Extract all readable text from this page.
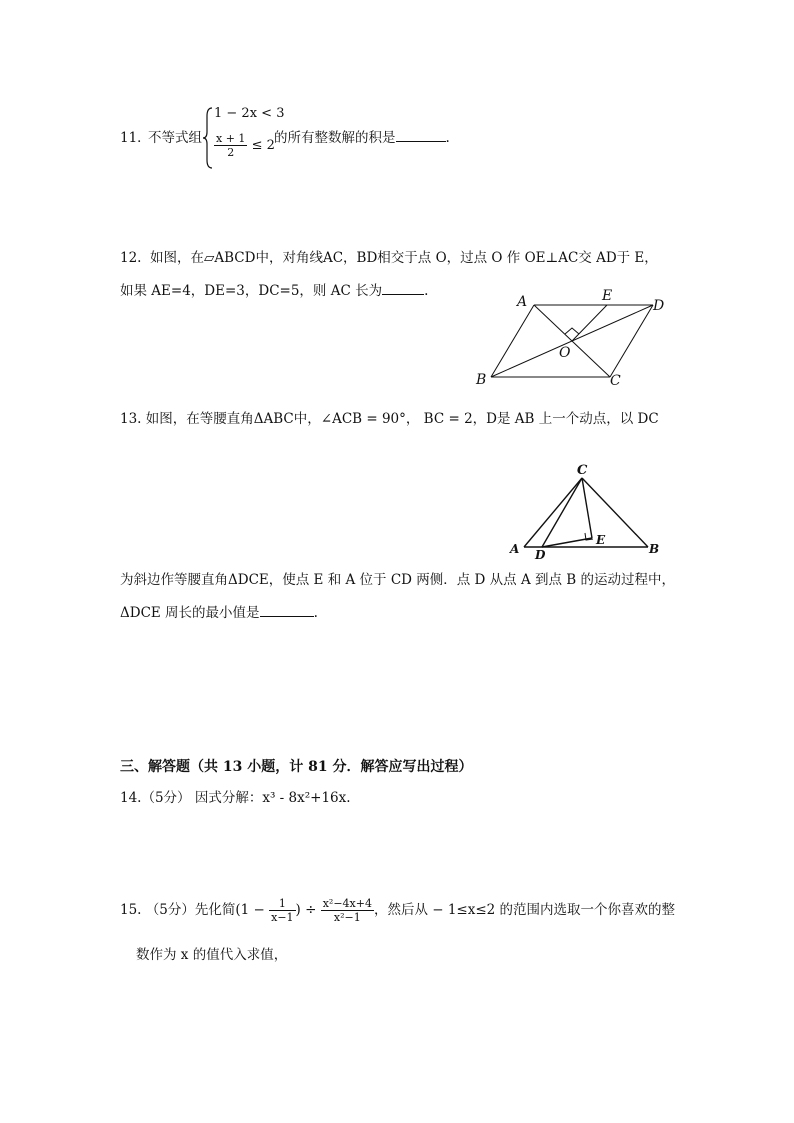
11．
不等式组
1 − 2x < 3
$\frac{x + 1}{2} \le 2$ 的所有整数解的积是	.
12. 如图，在▱ABCD中，对角线AC，BD相交于点 O，过点 O 作 OE⊥AC交 AD于 E，
如果 AE=4，DE=3，DC=5，则 AC 长为	.
A	E
D
O
B	C
13. 如图，在等腰直角ΔABC中，∠ACB = 90°， BC = 2，D是 AB 上一个动点，以 DC
C
E
A D	B
为斜边作等腰直角ΔDCE，使点 E 和 A 位于 CD 两侧．点 D 从点 A 到点 B 的运动过程中，
ΔDCE 周长的最小值是	.
三、解答题（共 13 小题，计 81 分．解答应写出过程）
14.（5分） 因式分解：x³ - 8x²+16x.
15. （5分）先化简($1 - \frac{1}{x-1}$ ) ÷ $\frac{\text{x²−4x+4}}{\text{x²−1}}$ ，然后从 − 1≤x≤2 的范围内选取一个你喜欢的整
数作为 x 的值代入求值，
